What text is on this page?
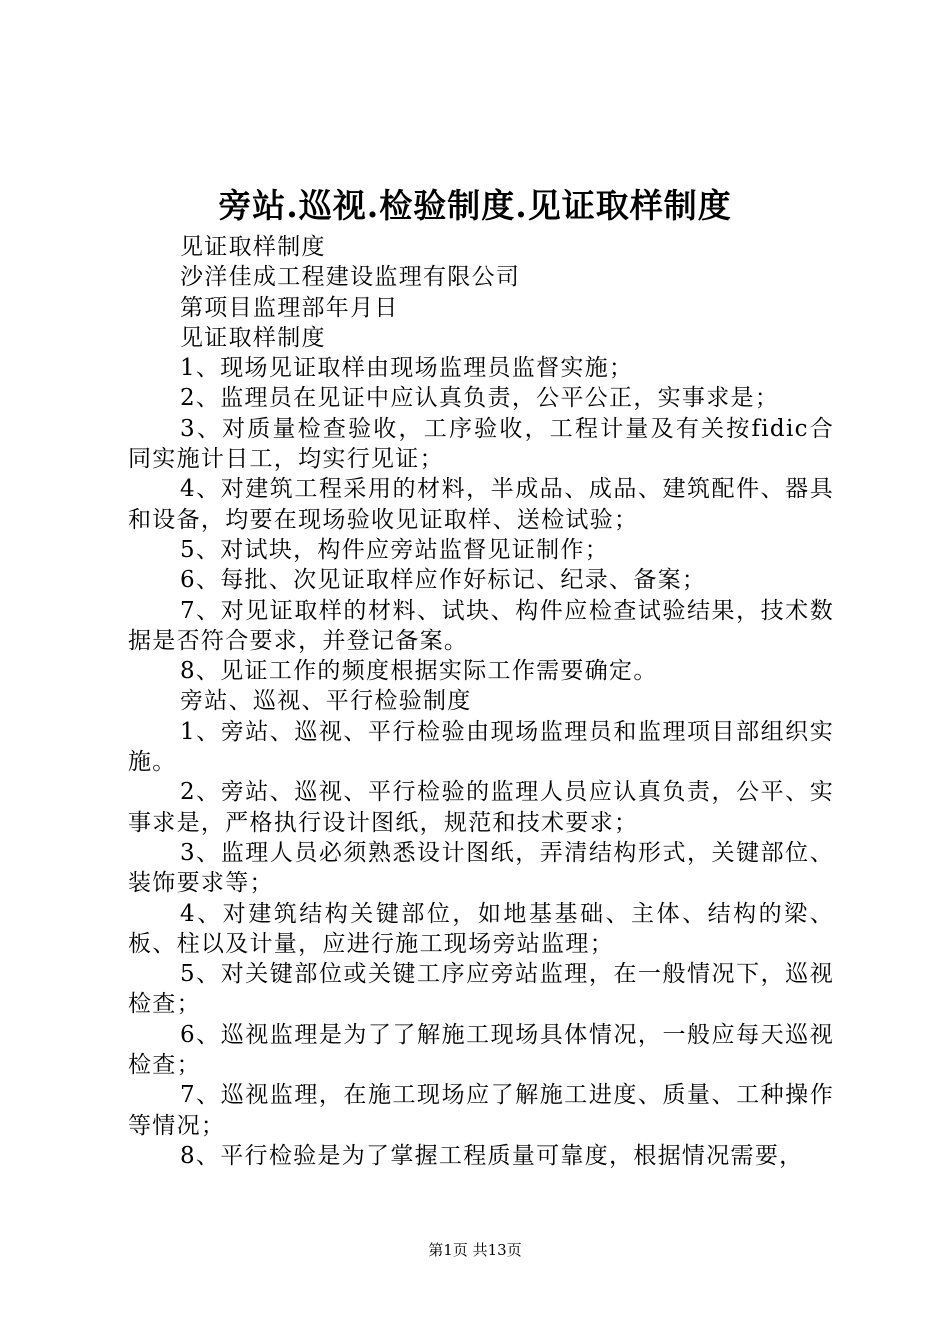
旁站.巡视.检验制度.见证取样制度

见证取样制度

沙洋佳成工程建设监理有限公司

第项目监理部年月日

见证取样制度

1、现场见证取样由现场监理员监督实施；

2、监理员在见证中应认真负责，公平公正，实事求是；

3、对质量检查验收，工序验收，工程计量及有关按fidic合同实施计日工，均实行见证；

4、对建筑工程采用的材料，半成品、成品、建筑配件、器具和设备，均要在现场验收见证取样、送检试验；

5、对试块，构件应旁站监督见证制作；

6、每批、次见证取样应作好标记、纪录、备案；

7、对见证取样的材料、试块、构件应检查试验结果，技术数据是否符合要求，并登记备案。

8、见证工作的频度根据实际工作需要确定。

旁站、巡视、平行检验制度

1、旁站、巡视、平行检验由现场监理员和监理项目部组织实施。

2、旁站、巡视、平行检验的监理人员应认真负责，公平、实事求是，严格执行设计图纸，规范和技术要求；

3、监理人员必须熟悉设计图纸，弄清结构形式，关键部位、装饰要求等；

4、对建筑结构关键部位，如地基基础、主体、结构的梁、板、柱以及计量，应进行施工现场旁站监理；

5、对关键部位或关键工序应旁站监理，在一般情况下，巡视检查；

6、巡视监理是为了了解施工现场具体情况，一般应每天巡视检查；

7、巡视监理，在施工现场应了解施工进度、质量、工种操作等情况；

8、平行检验是为了掌握工程质量可靠度，根据情况需要，

第1页 共13页
